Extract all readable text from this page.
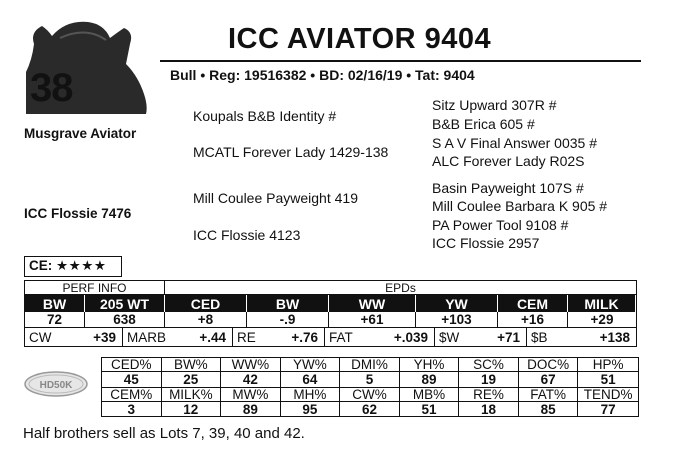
38
ICC AVIATOR 9404
Bull • Reg: 19516382 • BD: 02/16/19 • Tat: 9404
Musgrave Aviator
ICC Flossie 7476
Koupals B&B Identity #
MCATL Forever Lady 1429-138
Mill Coulee Payweight 419
ICC Flossie 4123
Sitz Upward 307R #
B&B Erica 605 #
S A V Final Answer 0035 #
ALC Forever Lady R02S
Basin Payweight 107S #
Mill Coulee Barbara K 905 #
PA Power Tool 9108 #
ICC Flossie 2957
CE: ★★★★
PERF INFO	EPDs
BW	205 WT	CED	BW	WW	YW	CEM	MILK
72	638	+8	-.9	+61	+103	+16	+29
CW	+39 MARB +.44 RE	+.76 FAT	+.039 $W	+71 $B	+138
HD50K
CED%	BW%	WW%	YW%	DMI%	YH%	SC%	DOC%	HP%
45	25	42	64	5	89	19	67	51
CEM%	MILK%	MW%	MH%	CW%	MB%	RE%	FAT%	TEND%
3	12	89	95	62	51	18	85	77
Half brothers sell as Lots 7, 39, 40 and 42.
